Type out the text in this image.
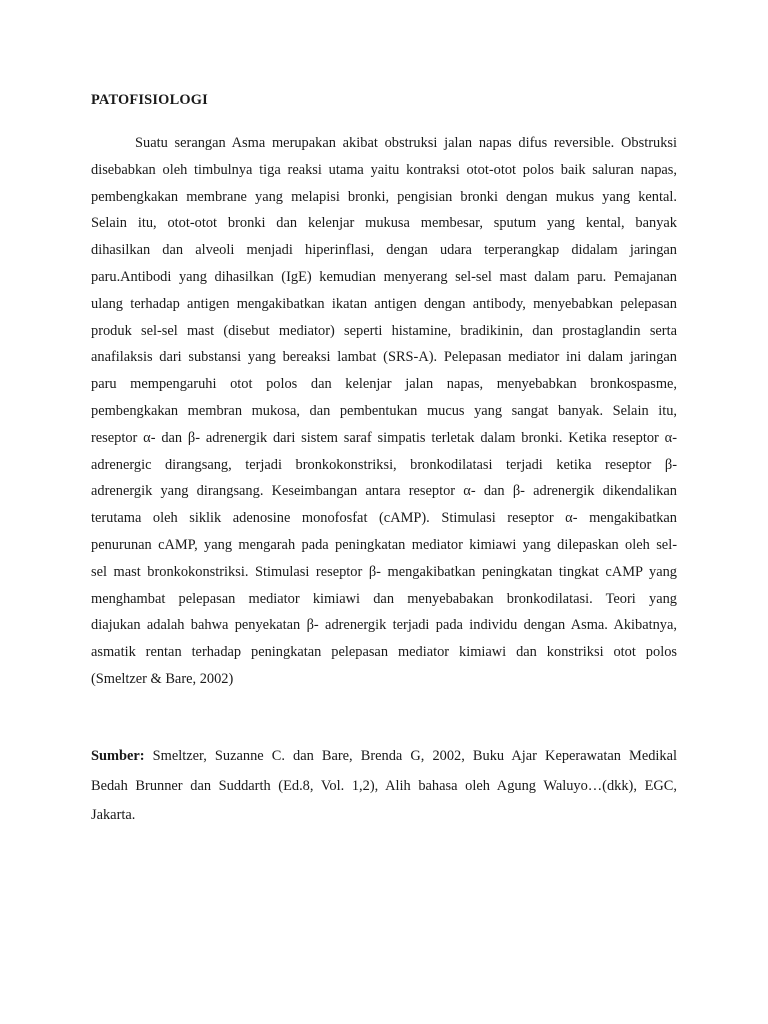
PATOFISIOLOGI
Suatu serangan Asma merupakan akibat obstruksi jalan napas difus reversible. Obstruksi
disebabkan oleh timbulnya tiga reaksi utama yaitu kontraksi otot-otot polos baik saluran napas,
pembengkakan membrane yang melapisi bronki, pengisian bronki dengan mukus yang kental.
Selain itu, otot-otot bronki dan kelenjar mukusa membesar, sputum yang kental, banyak
dihasilkan dan alveoli menjadi hiperinflasi, dengan udara terperangkap didalam jaringan
paru.Antibodi yang dihasilkan (IgE) kemudian menyerang sel-sel mast dalam paru. Pemajanan
ulang terhadap antigen mengakibatkan ikatan antigen dengan antibody, menyebabkan pelepasan
produk sel-sel mast (disebut mediator) seperti histamine, bradikinin, dan prostaglandin serta
anafilaksis dari substansi yang bereaksi lambat (SRS-A). Pelepasan mediator ini dalam jaringan
paru mempengaruhi otot polos dan kelenjar jalan napas, menyebabkan bronkospasme,
pembengkakan membran mukosa, dan pembentukan mucus yang sangat banyak. Selain itu,
reseptor α- dan β- adrenergik dari sistem saraf simpatis terletak dalam bronki. Ketika reseptor α-
adrenergic dirangsang, terjadi bronkokonstriksi, bronkodilatasi terjadi ketika reseptor β-
adrenergik yang dirangsang. Keseimbangan antara reseptor α- dan β- adrenergik dikendalikan
terutama oleh siklik adenosine monofosfat (cAMP). Stimulasi reseptor α- mengakibatkan
penurunan cAMP, yang mengarah pada peningkatan mediator kimiawi yang dilepaskan oleh sel-
sel mast bronkokonstriksi. Stimulasi reseptor β- mengakibatkan peningkatan tingkat cAMP yang
menghambat pelepasan mediator kimiawi dan menyebabakan bronkodilatasi. Teori yang
diajukan adalah bahwa penyekatan β- adrenergik terjadi pada individu dengan Asma. Akibatnya,
asmatik rentan terhadap peningkatan pelepasan mediator kimiawi dan konstriksi otot polos
(Smeltzer & Bare, 2002)
Sumber: Smeltzer, Suzanne C. dan Bare, Brenda G, 2002, Buku Ajar Keperawatan Medikal
Bedah Brunner dan Suddarth (Ed.8, Vol. 1,2), Alih bahasa oleh Agung Waluyo…(dkk), EGC,
Jakarta.
